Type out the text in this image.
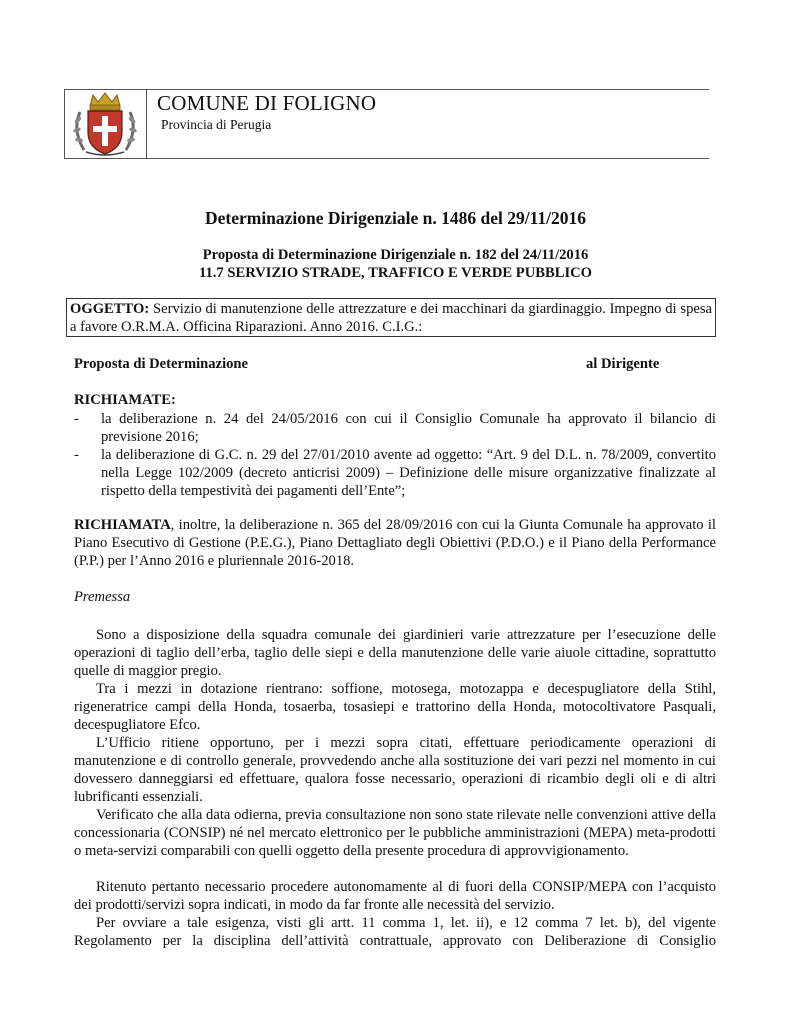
COMUNE DI FOLIGNO
Provincia di Perugia
Determinazione Dirigenziale n. 1486 del 29/11/2016
Proposta di Determinazione Dirigenziale n. 182 del 24/11/2016
11.7 SERVIZIO STRADE, TRAFFICO E VERDE PUBBLICO
OGGETTO: Servizio di manutenzione delle attrezzature e dei macchinari da giardinaggio. Impegno di spesa a favore O.R.M.A. Officina Riparazioni. Anno 2016. C.I.G.:
Proposta di Determinazione	al Dirigente
RICHIAMATE:
- la deliberazione n. 24 del 24/05/2016 con cui il Consiglio Comunale ha approvato il bilancio di previsione 2016;
- la deliberazione di G.C. n. 29 del 27/01/2010 avente ad oggetto: “Art. 9 del D.L. n. 78/2009, convertito nella Legge 102/2009 (decreto anticrisi 2009) – Definizione delle misure organizzative finalizzate al rispetto della tempestività dei pagamenti dell’Ente”;
RICHIAMATA, inoltre, la deliberazione n. 365 del 28/09/2016 con cui la Giunta Comunale ha approvato il Piano Esecutivo di Gestione (P.E.G.), Piano Dettagliato degli Obiettivi (P.D.O.) e il Piano della Performance (P.P.) per l’Anno 2016 e pluriennale 2016-2018.
Premessa
Sono a disposizione della squadra comunale dei giardinieri varie attrezzature per l’esecuzione delle operazioni di taglio dell’erba, taglio delle siepi e della manutenzione delle varie aiuole cittadine, soprattutto quelle di maggior pregio.
Tra i mezzi in dotazione rientrano: soffione, motosega, motozappa e decespugliatore della Stihl, rigeneratrice campi della Honda, tosaerba, tosasiepi e trattorino della Honda, motocoltivatore Pasquali, decespugliatore Efco.
L’Ufficio ritiene opportuno, per i mezzi sopra citati, effettuare periodicamente operazioni di manutenzione e di controllo generale, provvedendo anche alla sostituzione dei vari pezzi nel momento in cui dovessero danneggiarsi ed effettuare, qualora fosse necessario, operazioni di ricambio degli oli e di altri lubrificanti essenziali.
Verificato che alla data odierna, previa consultazione non sono state rilevate nelle convenzioni attive della concessionaria (CONSIP) né nel mercato elettronico per le pubbliche amministrazioni (MEPA) meta-prodotti o meta-servizi comparabili con quelli oggetto della presente procedura di approvvigionamento.
Ritenuto pertanto necessario procedere autonomamente al di fuori della CONSIP/MEPA con l’acquisto dei prodotti/servizi sopra indicati, in modo da far fronte alle necessità del servizio.
Per ovviare a tale esigenza, visti gli artt. 11 comma 1, let. ii), e 12 comma 7 let. b), del vigente Regolamento per la disciplina dell’attività contrattuale, approvato con Deliberazione di Consiglio
